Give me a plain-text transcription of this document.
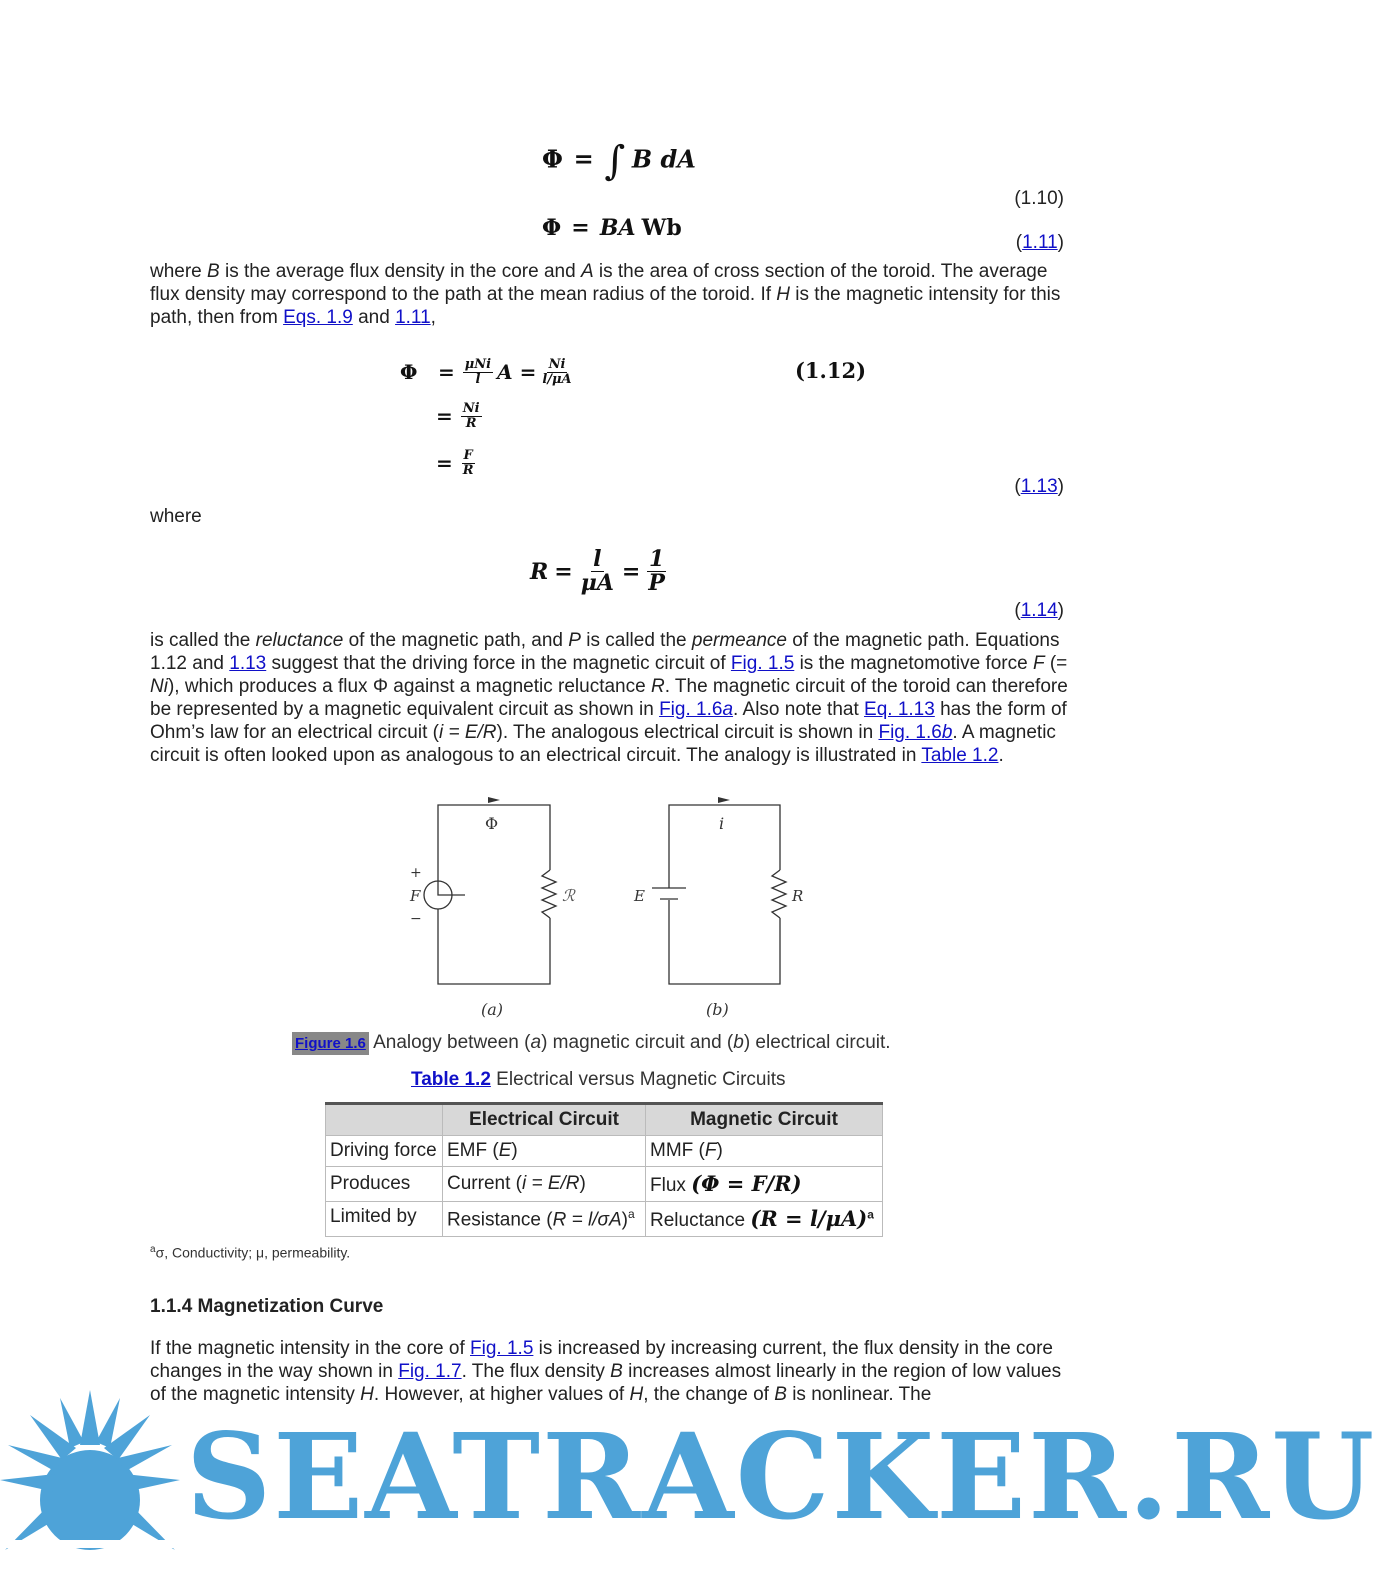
Φ = ∫ B dA
(1.10)
Φ = BA Wb
(1.11)

where B is the average flux density in the core and A is the area of cross section of the toroid. The average flux density may correspond to the path at the mean radius of the toroid. If H is the magnetic intensity for this path, then from Eqs. 1.9 and 1.11,

Φ	= $\frac{\text{μNi}}{l}$ $A = \frac{Ni}{l/\mu A}$
= $\frac{Ni}{R}$
= $\frac{F}{R}$
(1.12)
(1.13)
where
$R = \frac{l}{\mu A} = \frac{1}{P}$
(1.14)

is called the reluctance of the magnetic path, and P is called the permeance of the magnetic path. Equations 1.12 and 1.13 suggest that the driving force in the magnetic circuit of Fig. 1.5 is the magnetomotive force F (= Ni), which produces a flux Φ against a magnetic reluctance R. The magnetic circuit of the toroid can therefore be represented by a magnetic equivalent circuit as shown in Fig. 1.6a. Also note that Eq. 1.13 has the form of Ohm’s law for an electrical circuit (i = E/R). The analogous electrical circuit is shown in Fig. 1.6b. A magnetic circuit is often looked upon as analogous to an electrical circuit. The analogy is illustrated in Table 1.2.

Φ
+
F
−
ℛ
(a)
i
E	R
(b)
Figure 1.6 Analogy between (a) magnetic circuit and (b) electrical circuit.
Table 1.2 Electrical versus Magnetic Circuits
	Electrical Circuit	Magnetic Circuit
Driving force	EMF (E)	MMF (F)
Produces	Current (i = E/R)	Flux (Φ = F/R)
Limited by	Resistance (R = l/σA)$^a$	Reluctance (R = l/μA)$^a$
$^a$σ, Conductivity; μ, permeability.
1.1.4 Magnetization Curve

If the magnetic intensity in the core of Fig. 1.5 is increased by increasing current, the flux density in the core changes in the way shown in Fig. 1.7. The flux density B increases almost linearly in the region of low values of the magnetic intensity H. However, at higher values of H, the change of B is nonlinear. The

SEATRACKER.RU
